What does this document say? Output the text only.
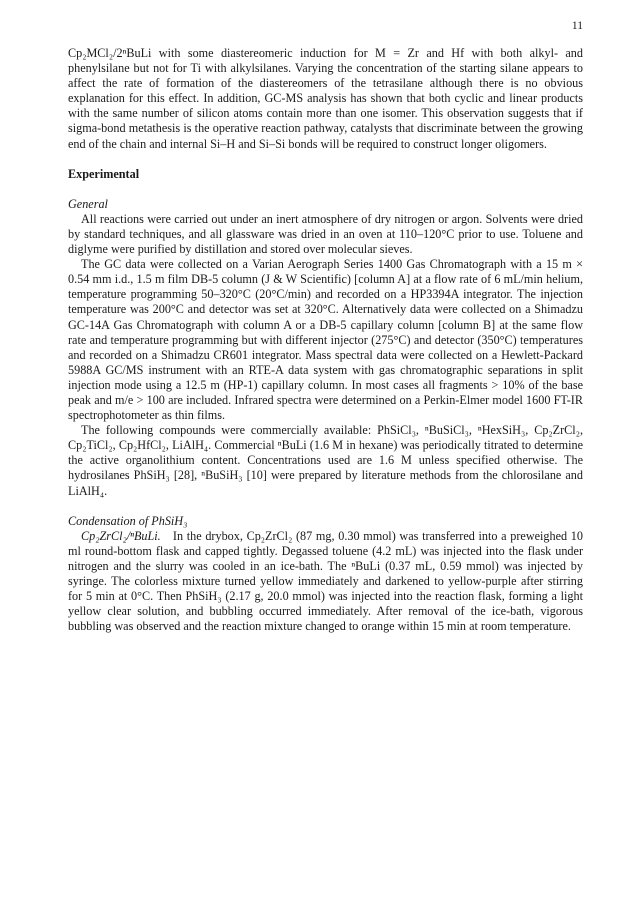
11

Cp₂MCl₂/2ⁿBuLi with some diastereomeric induction for M = Zr and Hf with both alkyl- and phenylsilane but not for Ti with alkylsilanes. Varying the concentration of the starting silane appears to affect the rate of formation of the diastereomers of the tetrasilane although there is no obvious explanation for this effect. In addition, GC-MS analysis has shown that both cyclic and linear products with the same number of silicon atoms contain more than one isomer. This observation suggests that if sigma-bond metathesis is the operative reaction pathway, catalysts that discriminate between the growing end of the chain and internal Si–H and Si–Si bonds will be required to construct longer oligomers.

Experimental

General

All reactions were carried out under an inert atmosphere of dry nitrogen or argon. Solvents were dried by standard techniques, and all glassware was dried in an oven at 110–120°C prior to use. Toluene and diglyme were purified by distillation and stored over molecular sieves.

The GC data were collected on a Varian Aerograph Series 1400 Gas Chromatograph with a 15 m × 0.54 mm i.d., 1.5 m film DB-5 column (J & W Scientific) [column A] at a flow rate of 6 mL/min helium, temperature programming 50–320°C (20°C/min) and recorded on a HP3394A integrator. The injection temperature was 200°C and detector was set at 320°C. Alternatively data were collected on a Shimadzu GC-14A Gas Chromatograph with column A or a DB-5 capillary column [column B] at the same flow rate and temperature programming but with different injector (275°C) and detector (350°C) temperatures and recorded on a Shimadzu CR601 integrator. Mass spectral data were collected on a Hewlett-Packard 5988A GC/MS instrument with an RTE-A data system with gas chromatographic separations in split injection mode using a 12.5 m (HP-1) capillary column. In most cases all fragments > 10% of the base peak and m/e > 100 are included. Infrared spectra were determined on a Perkin-Elmer model 1600 FT-IR spectrophotometer as thin films.

The following compounds were commercially available: PhSiCl₃, ⁿBuSiCl₃, ⁿHexSiH₃, Cp₂ZrCl₂, Cp₂TiCl₂, Cp₂HfCl₂, LiAlH₄. Commercial ⁿBuLi (1.6 M in hexane) was periodically titrated to determine the active organolithium content. Concentrations used are 1.6 M unless specified otherwise. The hydrosilanes PhSiH₃ [28], ⁿBuSiH₃ [10] were prepared by literature methods from the chlorosilane and LiAlH₄.

Condensation of PhSiH₃

Cp₂ZrCl₂/ⁿBuLi.  In the drybox, Cp₂ZrCl₂ (87 mg, 0.30 mmol) was transferred into a preweighed 10 ml round-bottom flask and capped tightly. Degassed toluene (4.2 mL) was injected into the flask under nitrogen and the slurry was cooled in an ice-bath. The ⁿBuLi (0.37 mL, 0.59 mmol) was injected by syringe. The colorless mixture turned yellow immediately and darkened to yellow-purple after stirring for 5 min at 0°C. Then PhSiH₃ (2.17 g, 20.0 mmol) was injected into the reaction flask, forming a light yellow clear solution, and bubbling occurred immediately. After removal of the ice-bath, vigorous bubbling was observed and the reaction mixture changed to orange within 15 min at room temperature.
